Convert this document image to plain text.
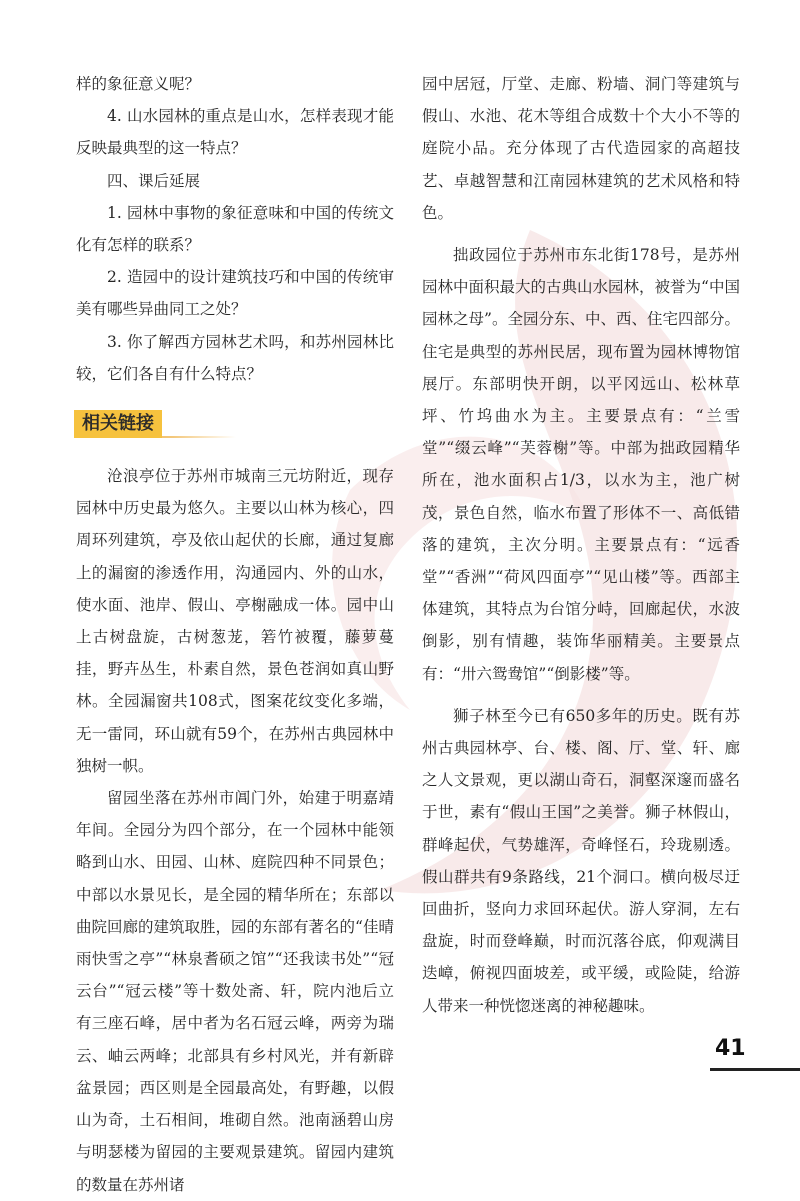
样的象征意义呢？

4. 山水园林的重点是山水，怎样表现才能反映最典型的这一特点？

四、课后延展

1. 园林中事物的象征意味和中国的传统文化有怎样的联系？

2. 造园中的设计建筑技巧和中国的传统审美有哪些异曲同工之处？

3. 你了解西方园林艺术吗，和苏州园林比较，它们各自有什么特点？

相关链接

沧浪亭位于苏州市城南三元坊附近，现存园林中历史最为悠久。主要以山林为核心，四周环列建筑，亭及依山起伏的长廊，通过复廊上的漏窗的渗透作用，沟通园内、外的山水，使水面、池岸、假山、亭榭融成一体。园中山上古树盘旋，古树葱茏，箬竹被覆，藤萝蔓挂，野卉丛生，朴素自然，景色苍润如真山野林。全园漏窗共108式，图案花纹变化多端，无一雷同，环山就有59个，在苏州古典园林中独树一帜。

留园坐落在苏州市阊门外，始建于明嘉靖年间。全园分为四个部分，在一个园林中能领略到山水、田园、山林、庭院四种不同景色；中部以水景见长，是全园的精华所在；东部以曲院回廊的建筑取胜，园的东部有著名的“佳晴雨快雪之亭”“林泉耆硕之馆”“还我读书处”“冠云台”“冠云楼”等十数处斋、轩，院内池后立有三座石峰，居中者为名石冠云峰，两旁为瑞云、岫云两峰；北部具有乡村风光，并有新辟盆景园；西区则是全园最高处，有野趣，以假山为奇，土石相间，堆砌自然。池南涵碧山房与明瑟楼为留园的主要观景建筑。留园内建筑的数量在苏州诸

园中居冠，厅堂、走廊、粉墙、洞门等建筑与假山、水池、花木等组合成数十个大小不等的庭院小品。充分体现了古代造园家的高超技艺、卓越智慧和江南园林建筑的艺术风格和特色。

拙政园位于苏州市东北街178号，是苏州园林中面积最大的古典山水园林，被誉为“中国园林之母”。全园分东、中、西、住宅四部分。住宅是典型的苏州民居，现布置为园林博物馆展厅。东部明快开朗，以平冈远山、松林草坪、竹坞曲水为主。主要景点有：“兰雪堂”“缀云峰”“芙蓉榭”等。中部为拙政园精华所在，池水面积占1/3，以水为主，池广树茂，景色自然，临水布置了形体不一、高低错落的建筑，主次分明。主要景点有：“远香堂”“香洲”“荷风四面亭”“见山楼”等。西部主体建筑，其特点为台馆分峙，回廊起伏，水波倒影，别有情趣，装饰华丽精美。主要景点有：“卅六鸳鸯馆”“倒影楼”等。

狮子林至今已有650多年的历史。既有苏州古典园林亭、台、楼、阁、厅、堂、轩、廊之人文景观，更以湖山奇石，洞壑深邃而盛名于世，素有“假山王国”之美誉。狮子林假山，群峰起伏，气势雄浑，奇峰怪石，玲珑剔透。假山群共有9条路线，21个洞口。横向极尽迂回曲折，竖向力求回环起伏。游人穿洞，左右盘旋，时而登峰巅，时而沉落谷底，仰观满目迭嶂，俯视四面坡差，或平缓，或险陡，给游人带来一种恍惚迷离的神秘趣味。

41
